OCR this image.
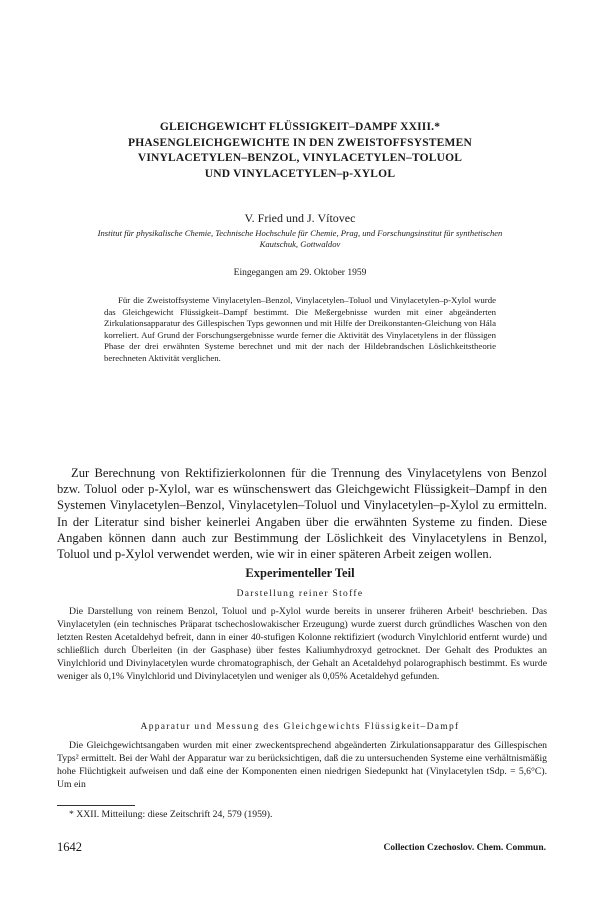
GLEICHGEWICHT FLÜSSIGKEIT–DAMPF XXIII.*
PHASENGLEICHGEWICHTE IN DEN ZWEISTOFFSYSTEMEN
VINYLACETYLEN–BENZOL, VINYLACETYLEN–TOLUOL
UND VINYLACETYLEN–p-XYLOL
V. Fried und J. Vítovec
Institut für physikalische Chemie, Technische Hochschule für Chemie, Prag, und Forschungsinstitut für synthetischen Kautschuk, Gottwaldov
Eingegangen am 29. Oktober 1959
Für die Zweistoffsysteme Vinylacetylen–Benzol, Vinylacetylen–Toluol und Vinylacetylen–p-Xylol wurde das Gleichgewicht Flüssigkeit–Dampf bestimmt. Die Meßergebnisse wurden mit einer abgeänderten Zirkulationsapparatur des Gillespischen Typs gewonnen und mit Hilfe der Dreikonstanten-Gleichung von Hála korreliert. Auf Grund der Forschungsergebnisse wurde ferner die Aktivität des Vinylacetylens in der flüssigen Phase der drei erwähnten Systeme berechnet und mit der nach der Hildebrandschen Löslichkeitstheorie berechneten Aktivität verglichen.
Zur Berechnung von Rektifizierkolonnen für die Trennung des Vinylacetylens von Benzol bzw. Toluol oder p-Xylol, war es wünschenswert das Gleichgewicht Flüssigkeit–Dampf in den Systemen Vinylacetylen–Benzol, Vinylacetylen–Toluol und Vinylacetylen–p-Xylol zu ermitteln. In der Literatur sind bisher keinerlei Angaben über die erwähnten Systeme zu finden. Diese Angaben können dann auch zur Bestimmung der Löslichkeit des Vinylacetylens in Benzol, Toluol und p-Xylol verwendet werden, wie wir in einer späteren Arbeit zeigen wollen.
Experimenteller Teil
Darstellung reiner Stoffe
Die Darstellung von reinem Benzol, Toluol und p-Xylol wurde bereits in unserer früheren Arbeit¹ beschrieben. Das Vinylacetylen (ein technisches Präparat tschechoslowakischer Erzeugung) wurde zuerst durch gründliches Waschen von den letzten Resten Acetaldehyd befreit, dann in einer 40-stufigen Kolonne rektifiziert (wodurch Vinylchlorid entfernt wurde) und schließlich durch Überleiten (in der Gasphase) über festes Kaliumhydroxyd getrocknet. Der Gehalt des Produktes an Vinylchlorid und Divinylacetylen wurde chromatographisch, der Gehalt an Acetaldehyd polarographisch bestimmt. Es wurde weniger als 0,1% Vinylchlorid und Divinylacetylen und weniger als 0,05% Acetaldehyd gefunden.
Apparatur und Messung des Gleichgewichts Flüssigkeit–Dampf
Die Gleichgewichtsangaben wurden mit einer zweckentsprechend abgeänderten Zirkulationsapparatur des Gillespischen Typs² ermittelt. Bei der Wahl der Apparatur war zu berücksichtigen, daß die zu untersuchenden Systeme eine verhältnismäßig hohe Flüchtigkeit aufweisen und daß eine der Komponenten einen niedrigen Siedepunkt hat (Vinylacetylen tSdp. = 5,6°C). Um ein
* XXII. Mitteilung: diese Zeitschrift 24, 579 (1959).
1642	Collection Czechoslov. Chem. Commun.
